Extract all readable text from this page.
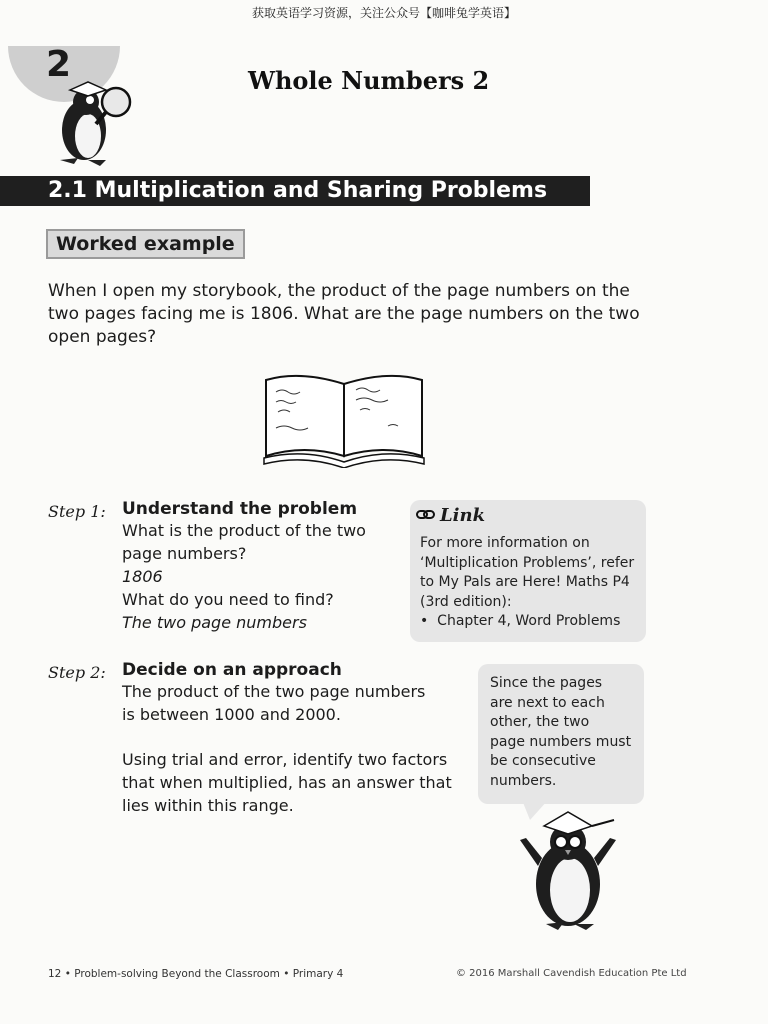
获取英语学习资源，关注公众号【咖啡兔学英语】
2	Whole Numbers 2
2.1 Multiplication and Sharing Problems
Worked example
When I open my storybook, the product of the page numbers on the
two pages facing me is 1806. What are the page numbers on the two
open pages?
Step 1: Understand the problem
What is the product of the two
page numbers?
1806
What do you need to find?
The two page numbers
Link
For more information on
‘Multiplication Problems’, refer
to My Pals are Here! Maths P4
(3rd edition):
•  Chapter 4, Word Problems
Step 2: Decide on an approach
The product of the two page numbers
is between 1000 and 2000.
Using trial and error, identify two factors
that when multiplied, has an answer that
lies within this range.
Since the pages
are next to each
other, the two
page numbers must
be consecutive
numbers.
12 • Problem-solving Beyond the Classroom • Primary 4	© 2016 Marshall Cavendish Education Pte Ltd
